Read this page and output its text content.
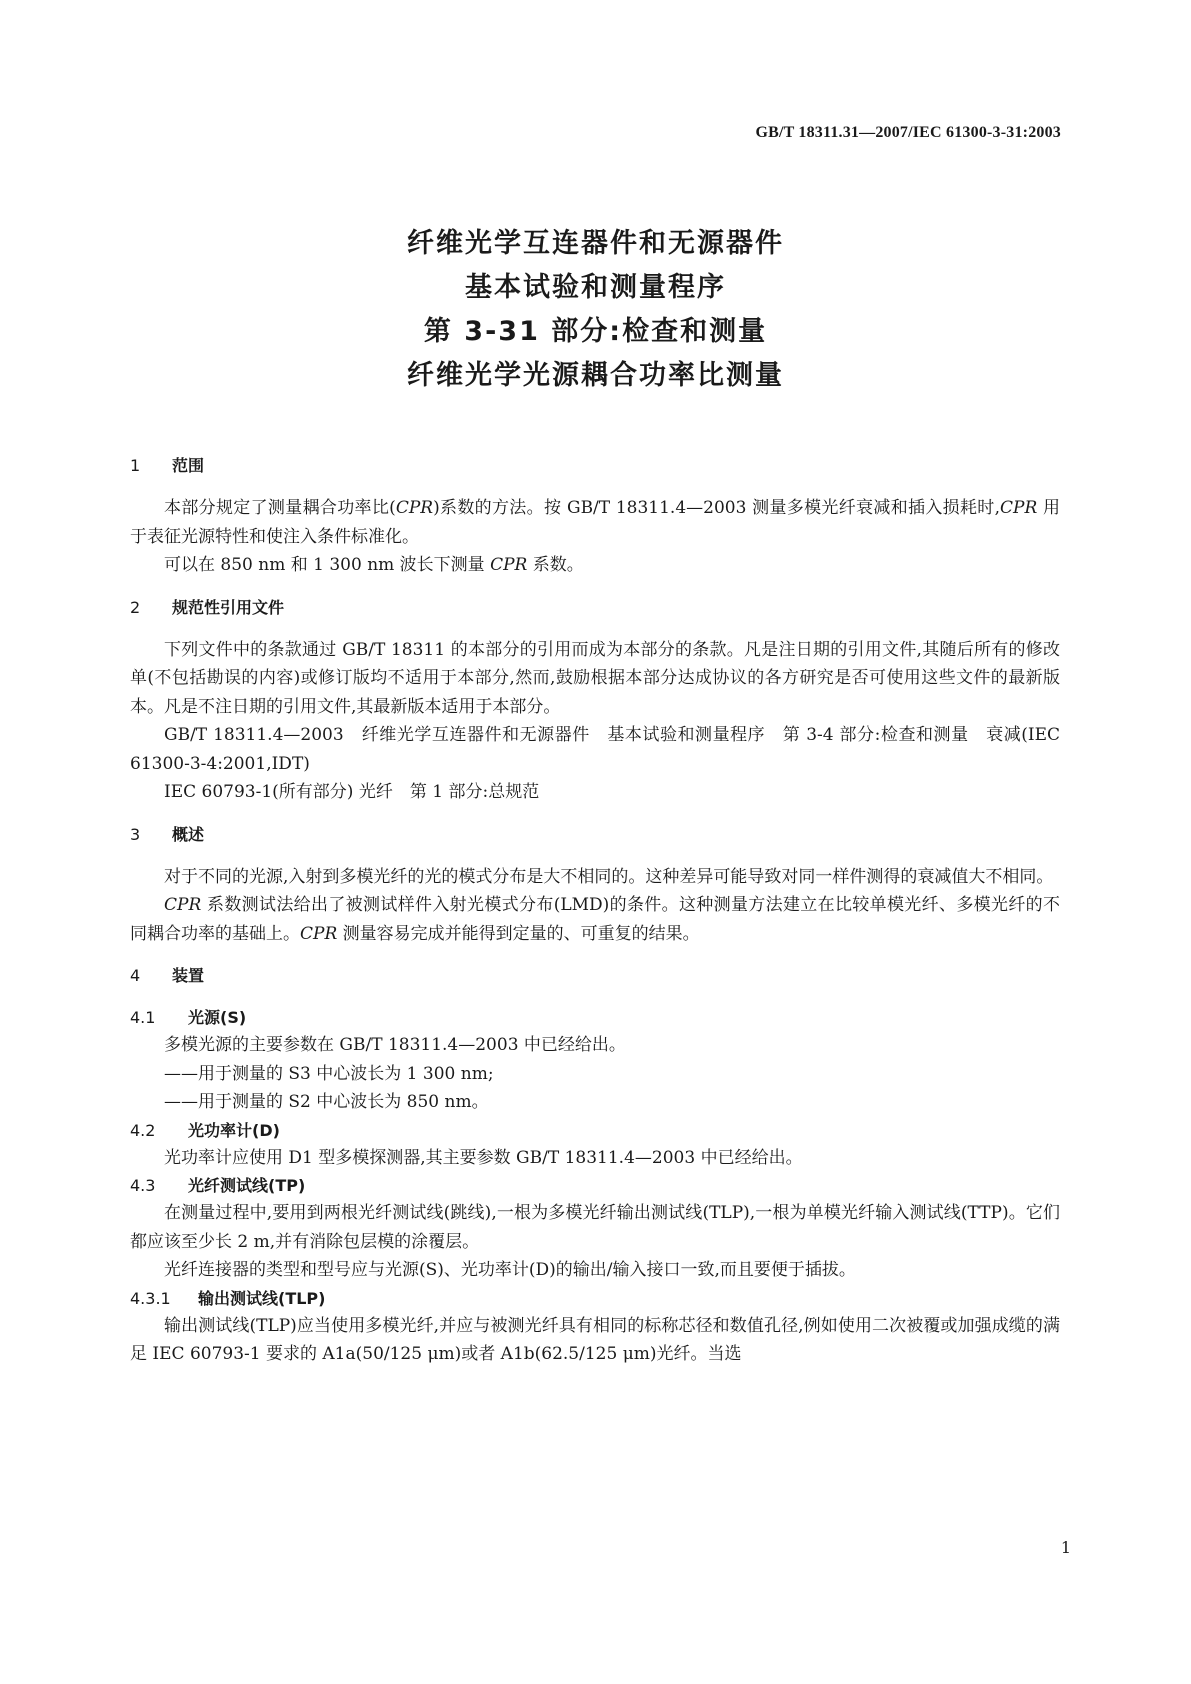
GB/T 18311.31—2007/IEC 61300-3-31:2003
纤维光学互连器件和无源器件
基本试验和测量程序
第 3-31 部分:检查和测量
纤维光学光源耦合功率比测量
1 范围

本部分规定了测量耦合功率比(CPR)系数的方法。按 GB/T 18311.4—2003 测量多模光纤衰减和插入损耗时,CPR 用于表征光源特性和使注入条件标准化。

可以在 850 nm 和 1 300 nm 波长下测量 CPR 系数。

2 规范性引用文件

下列文件中的条款通过 GB/T 18311 的本部分的引用而成为本部分的条款。凡是注日期的引用文件,其随后所有的修改单(不包括勘误的内容)或修订版均不适用于本部分,然而,鼓励根据本部分达成协议的各方研究是否可使用这些文件的最新版本。凡是不注日期的引用文件,其最新版本适用于本部分。

GB/T 18311.4—2003　纤维光学互连器件和无源器件　基本试验和测量程序　第 3-4 部分:检查和测量　衰减(IEC 61300-3-4:2001,IDT)

IEC 60793-1(所有部分) 光纤　第 1 部分:总规范

3 概述

对于不同的光源,入射到多模光纤的光的模式分布是大不相同的。这种差异可能导致对同一样件测得的衰减值大不相同。

CPR 系数测试法给出了被测试样件入射光模式分布(LMD)的条件。这种测量方法建立在比较单模光纤、多模光纤的不同耦合功率的基础上。CPR 测量容易完成并能得到定量的、可重复的结果。

4 装置
4.1 光源(S)

多模光源的主要参数在 GB/T 18311.4—2003 中已经给出。

——用于测量的 S3 中心波长为 1 300 nm;

——用于测量的 S2 中心波长为 850 nm。

4.2 光功率计(D)

光功率计应使用 D1 型多模探测器,其主要参数 GB/T 18311.4—2003 中已经给出。

4.3 光纤测试线(TP)

在测量过程中,要用到两根光纤测试线(跳线),一根为多模光纤输出测试线(TLP),一根为单模光纤输入测试线(TTP)。它们都应该至少长 2 m,并有消除包层模的涂覆层。

光纤连接器的类型和型号应与光源(S)、光功率计(D)的输出/输入接口一致,而且要便于插拔。

4.3.1 输出测试线(TLP)

输出测试线(TLP)应当使用多模光纤,并应与被测光纤具有相同的标称芯径和数值孔径,例如使用二次被覆或加强成缆的满足 IEC 60793-1 要求的 A1a(50/125 μm)或者 A1b(62.5/125 μm)光纤。当选

1
